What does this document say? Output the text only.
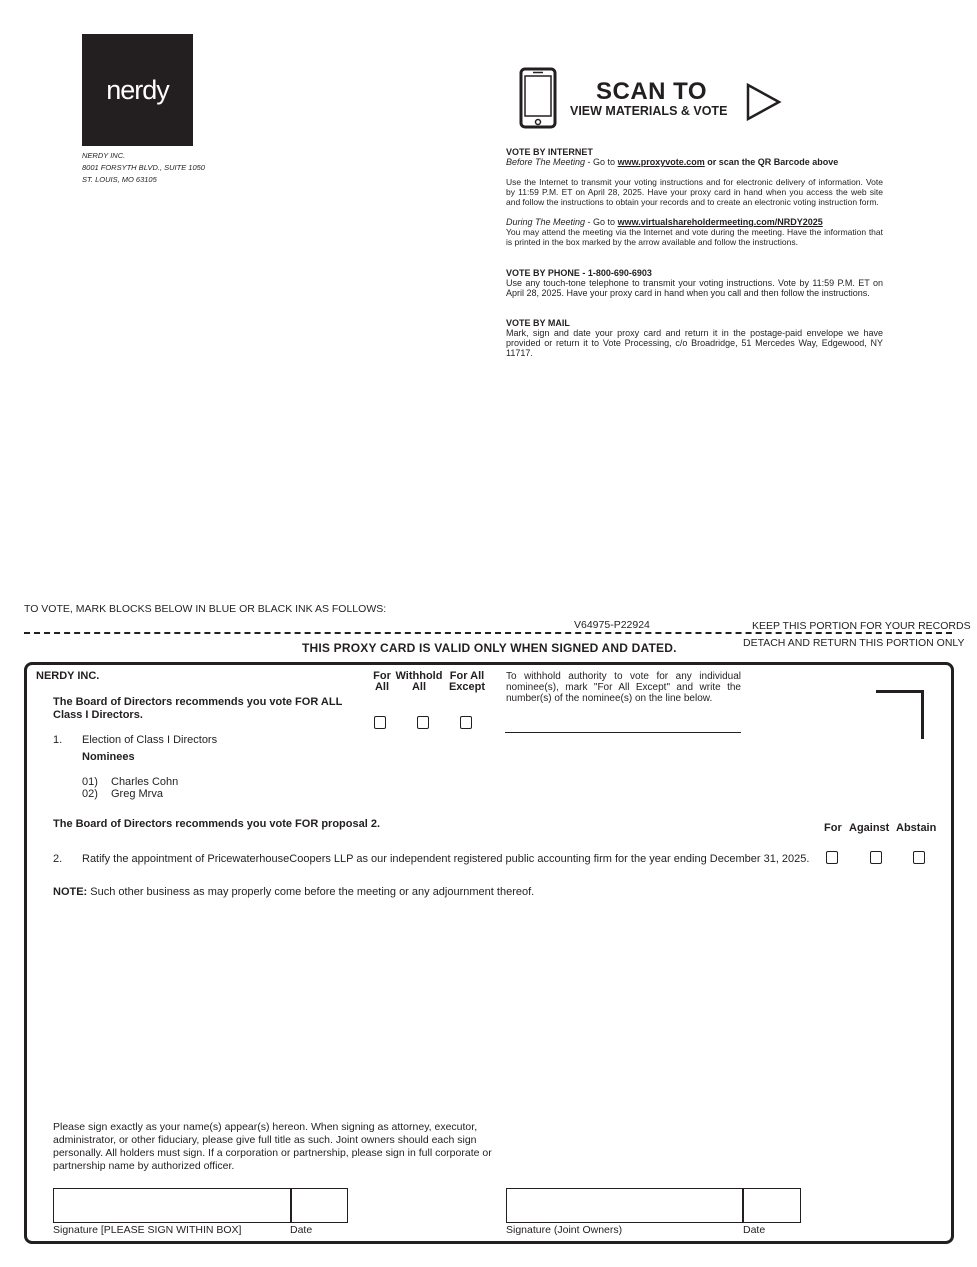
nerdy
NERDY INC.
8001 FORSYTH BLVD., SUITE 1050
ST. LOUIS, MO 63105
SCAN TO
VIEW MATERIALS & VOTE
VOTE BY INTERNET
Before The Meeting - Go to www.proxyvote.com or scan the QR Barcode above
Use the Internet to transmit your voting instructions and for electronic delivery of information. Vote by 11:59 P.M. ET on April 28, 2025. Have your proxy card in hand when you access the web site and follow the instructions to obtain your records and to create an electronic voting instruction form.
During The Meeting - Go to www.virtualshareholdermeeting.com/NRDY2025
You may attend the meeting via the Internet and vote during the meeting. Have the information that is printed in the box marked by the arrow available and follow the instructions.
VOTE BY PHONE - 1-800-690-6903
Use any touch-tone telephone to transmit your voting instructions. Vote by 11:59 P.M. ET on April 28, 2025. Have your proxy card in hand when you call and then follow the instructions.
VOTE BY MAIL
Mark, sign and date your proxy card and return it in the postage-paid envelope we have provided or return it to Vote Processing, c/o Broadridge, 51 Mercedes Way, Edgewood, NY 11717.
TO VOTE, MARK BLOCKS BELOW IN BLUE OR BLACK INK AS FOLLOWS:
V64975-P22924	KEEP THIS PORTION FOR YOUR RECORDS
DETACH AND RETURN THIS PORTION ONLY
THIS PROXY CARD IS VALID ONLY WHEN SIGNED AND DATED.
NERDY INC.
The Board of Directors recommends you vote FOR ALL
Class I Directors.
For
All
Withhold
All
For All
Except
To withhold authority to vote for any individual nominee(s), mark "For All Except" and write the number(s) of the nominee(s) on the line below.
1. Election of Class I Directors
Nominees
01) Charles Cohn
02) Greg Mrva
The Board of Directors recommends you vote FOR proposal 2.	For Against Abstain
2. Ratify the appointment of PricewaterhouseCoopers LLP as our independent registered public accounting firm for the year ending December 31, 2025.
NOTE: Such other business as may properly come before the meeting or any adjournment thereof.
Please sign exactly as your name(s) appear(s) hereon. When signing as attorney, executor, administrator, or other fiduciary, please give full title as such. Joint owners should each sign personally. All holders must sign. If a corporation or partnership, please sign in full corporate or partnership name by authorized officer.
Signature [PLEASE SIGN WITHIN BOX]	Date	Signature (Joint Owners)	Date
